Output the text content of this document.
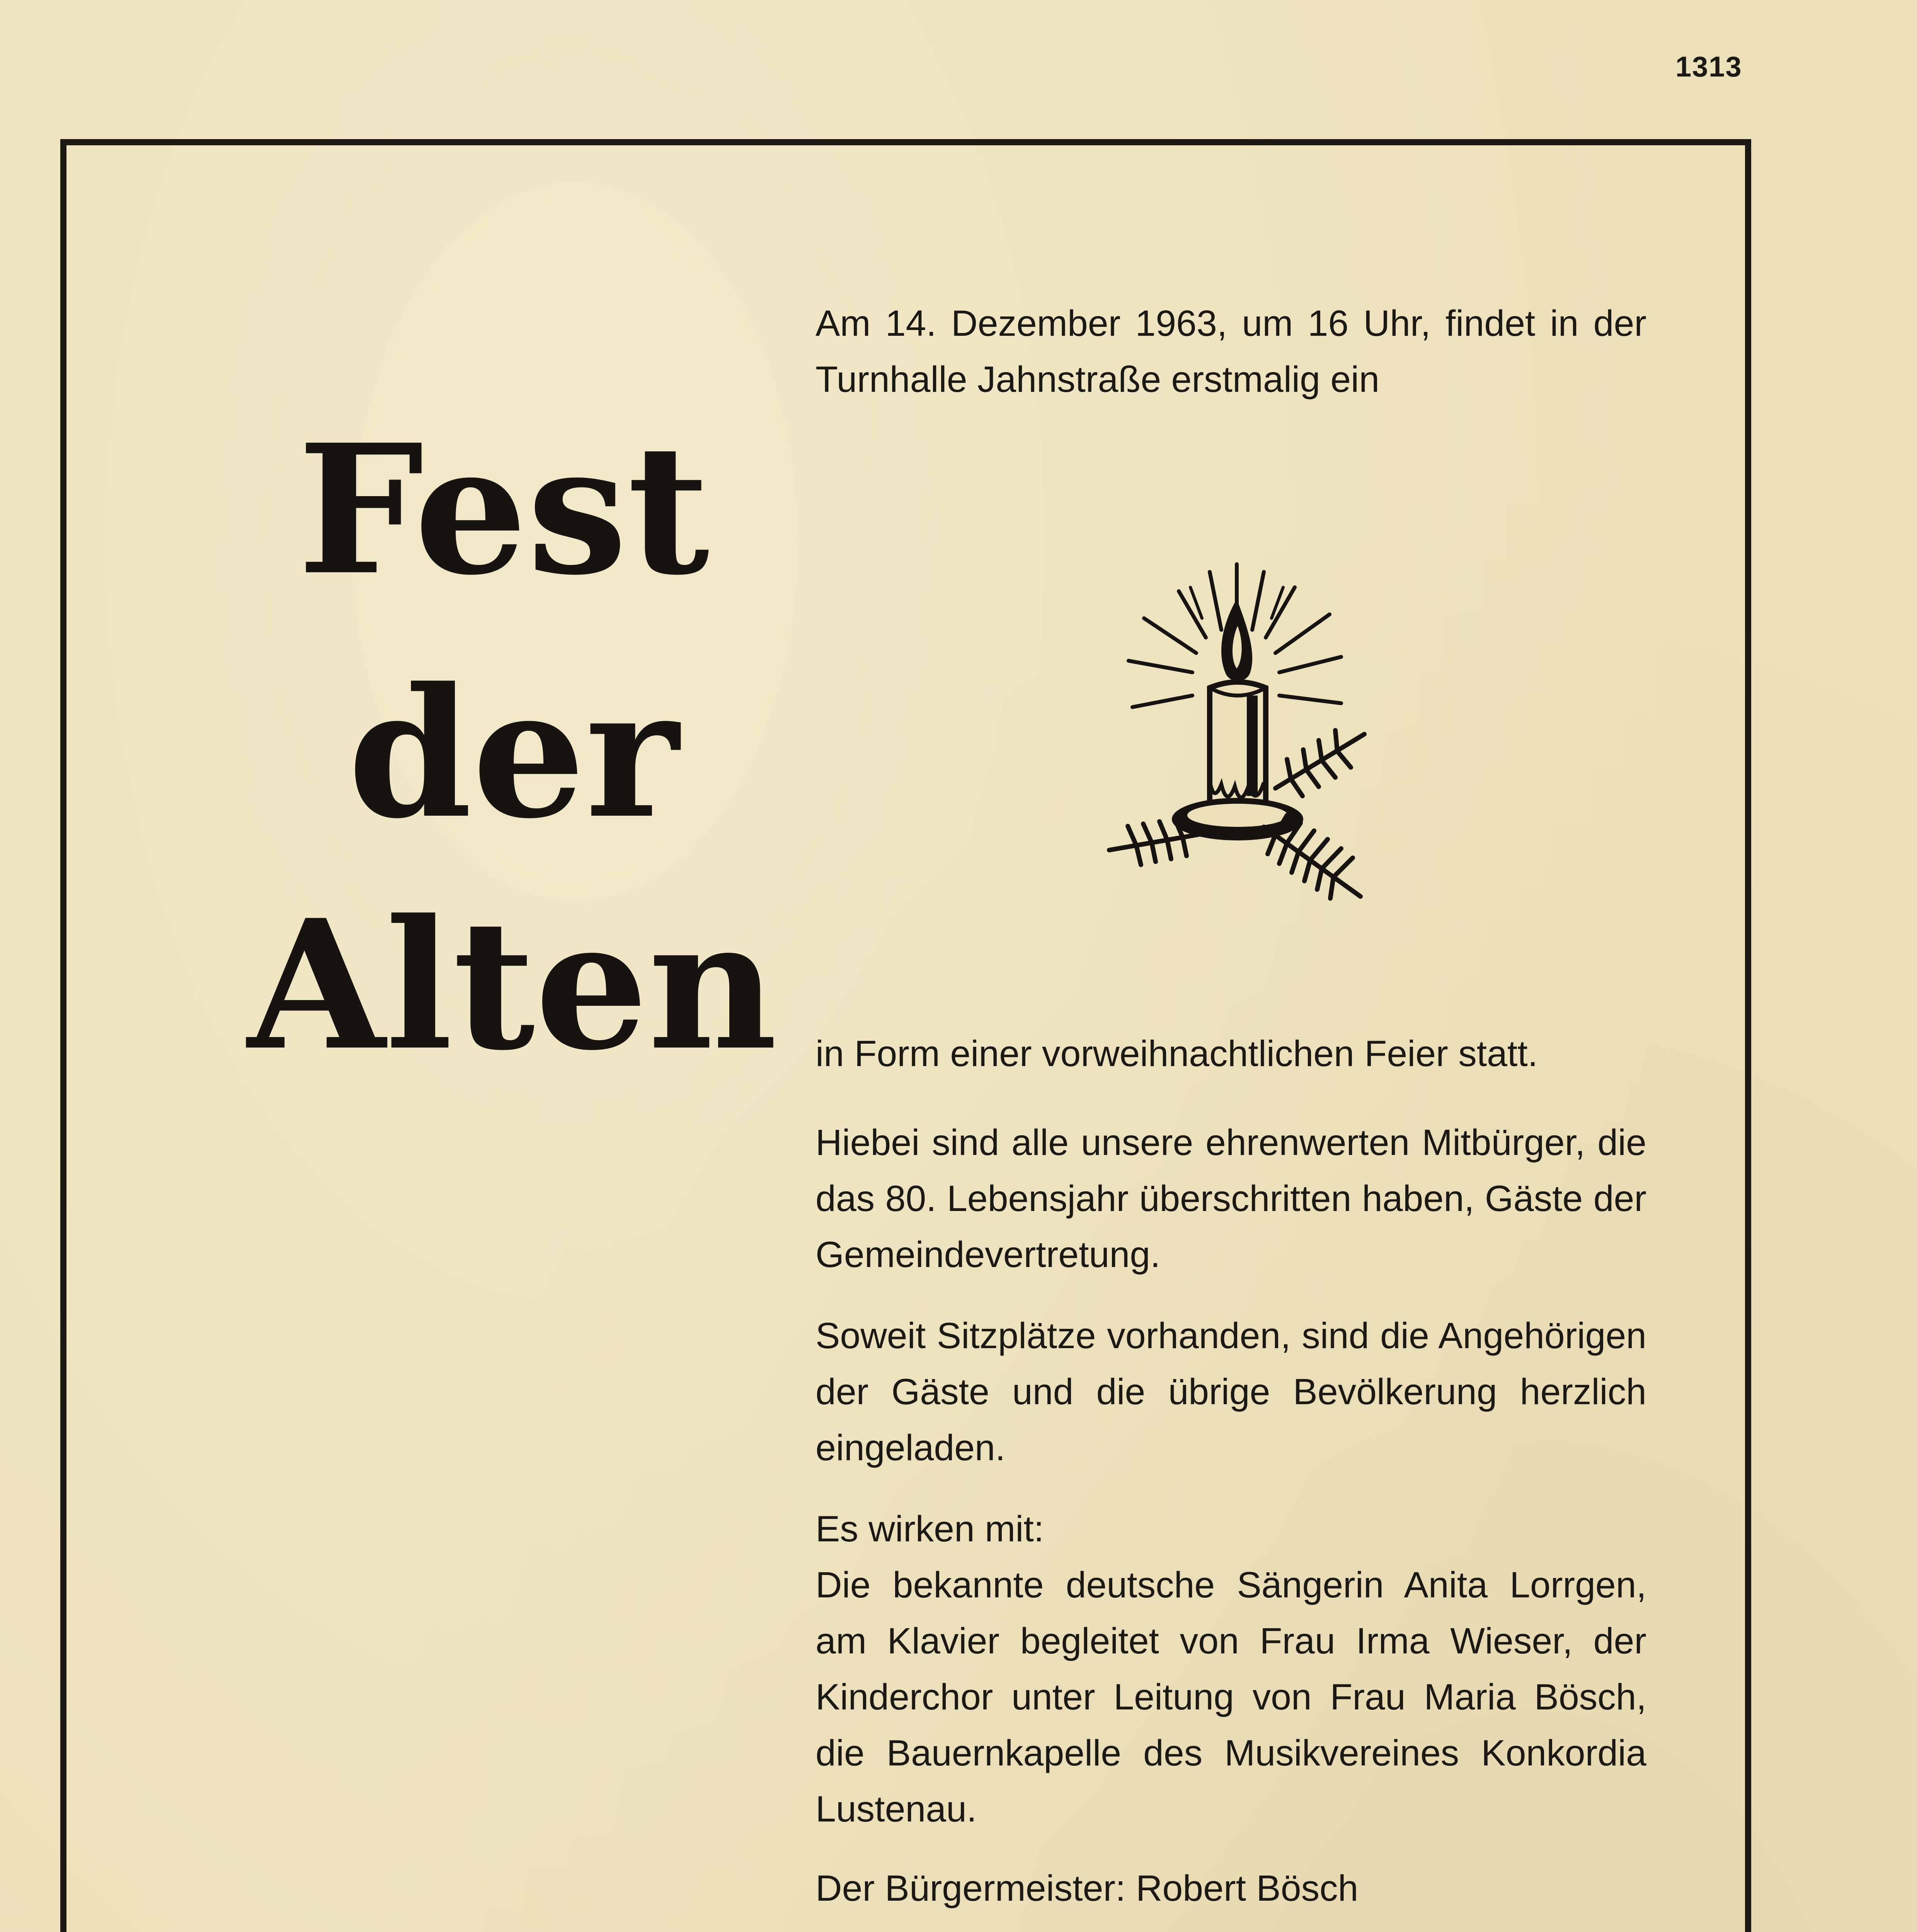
1313

Am 14. Dezember 1963, um 16 Uhr, findet in der Turnhalle Jahnstraße erstmalig ein

Fest
der
Alten in Form einer vorweihnachtlichen Feier statt.

Hiebei sind alle unsere ehrenwerten Mitbürger, die das 80. Lebensjahr überschritten haben, Gäste der Gemeindevertretung.

Soweit Sitzplätze vorhanden, sind die Angehörigen der Gäste und die übrige Bevölkerung herzlich eingeladen.

Es wirken mit:

Die bekannte deutsche Sängerin Anita Lorrgen, am Klavier begleitet von Frau Irma Wieser, der Kinderchor unter Leitung von Frau Maria Bösch, die Bauernkapelle des Musikvereines Konkordia Lustenau.

Der Bürgermeister: Robert Bösch
